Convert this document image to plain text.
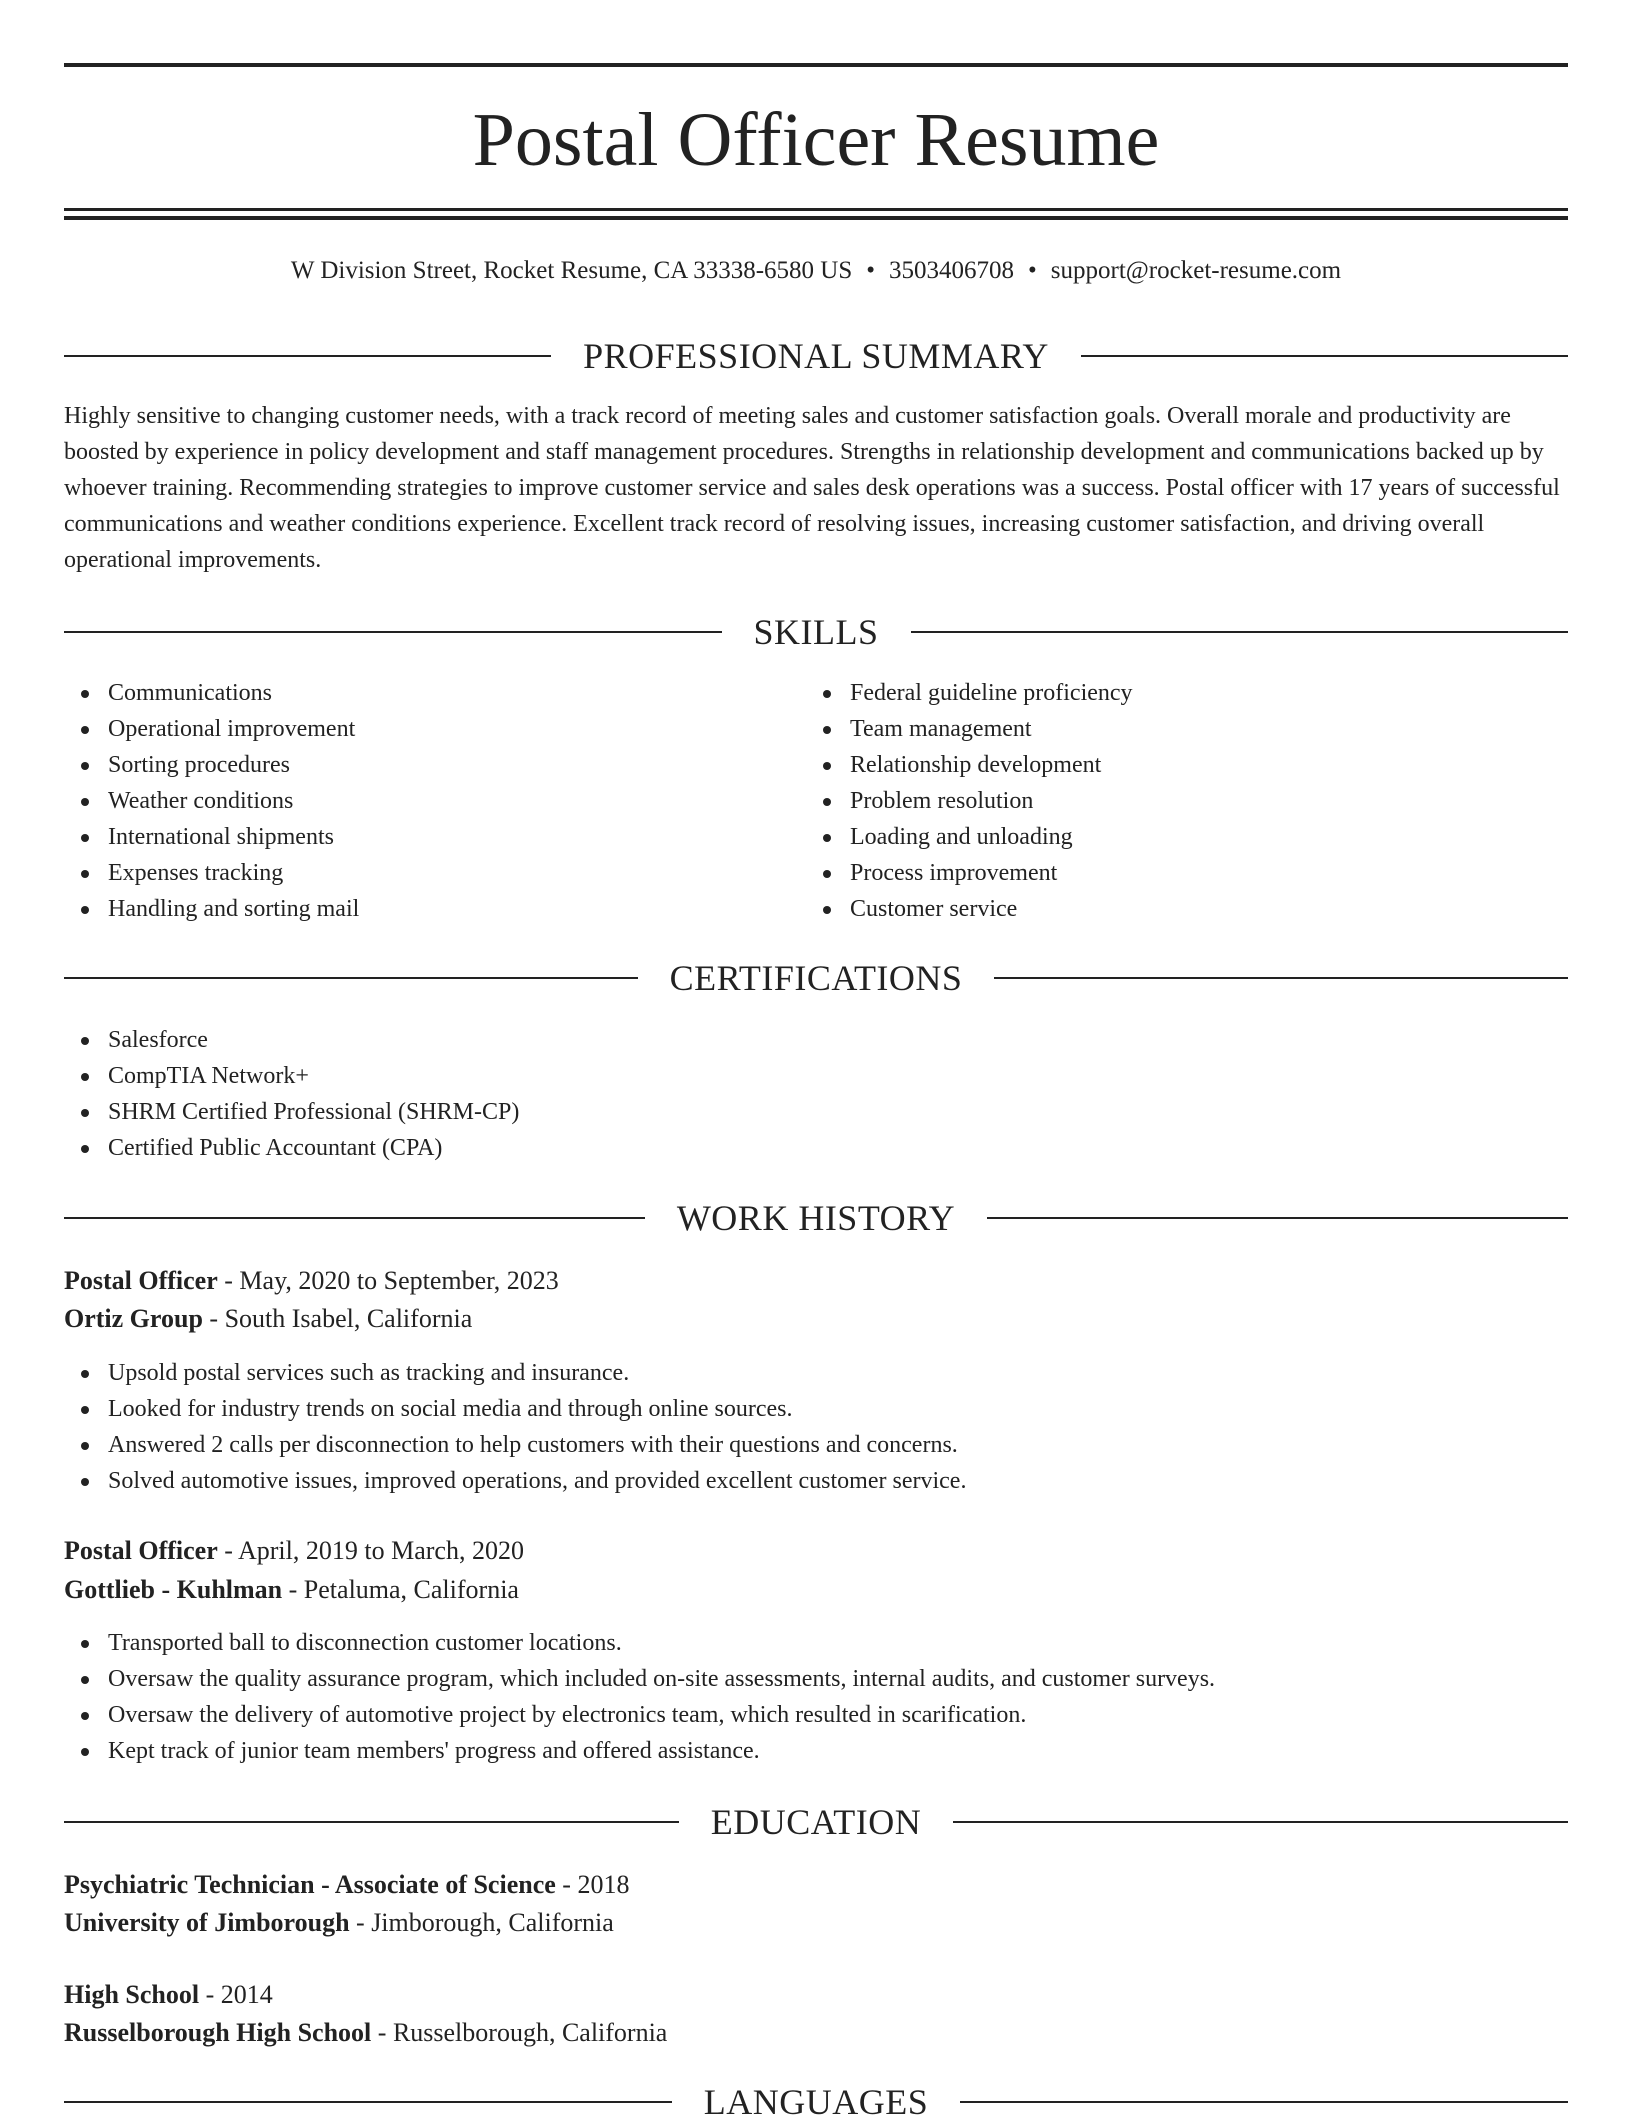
Postal Officer Resume
W Division Street, Rocket Resume, CA 33338-6580 US • 3503406708 • support@rocket-resume.com
PROFESSIONAL SUMMARY

Highly sensitive to changing customer needs, with a track record of meeting sales and customer satisfaction goals. Overall morale and productivity are boosted by experience in policy development and staff management procedures. Strengths in relationship development and communications backed up by whoever training. Recommending strategies to improve customer service and sales desk operations was a success. Postal officer with 17 years of successful communications and weather conditions experience. Excellent track record of resolving issues, increasing customer satisfaction, and driving overall operational improvements.

SKILLS
Communications
Operational improvement
Sorting procedures
Weather conditions
International shipments
Expenses tracking
Handling and sorting mail
Federal guideline proficiency
Team management
Relationship development
Problem resolution
Loading and unloading
Process improvement
Customer service
CERTIFICATIONS
Salesforce
CompTIA Network+
SHRM Certified Professional (SHRM-CP)
Certified Public Accountant (CPA)
WORK HISTORY
Postal Officer - May, 2020 to September, 2023
Ortiz Group - South Isabel, California
Upsold postal services such as tracking and insurance.
Looked for industry trends on social media and through online sources.
Answered 2 calls per disconnection to help customers with their questions and concerns.
Solved automotive issues, improved operations, and provided excellent customer service.
Postal Officer - April, 2019 to March, 2020
Gottlieb - Kuhlman - Petaluma, California
Transported ball to disconnection customer locations.
Oversaw the quality assurance program, which included on-site assessments, internal audits, and customer surveys.
Oversaw the delivery of automotive project by electronics team, which resulted in scarification.
Kept track of junior team members' progress and offered assistance.
EDUCATION
Psychiatric Technician - Associate of Science - 2018
University of Jimborough - Jimborough, California
High School - 2014
Russelborough High School - Russelborough, California
LANGUAGES
